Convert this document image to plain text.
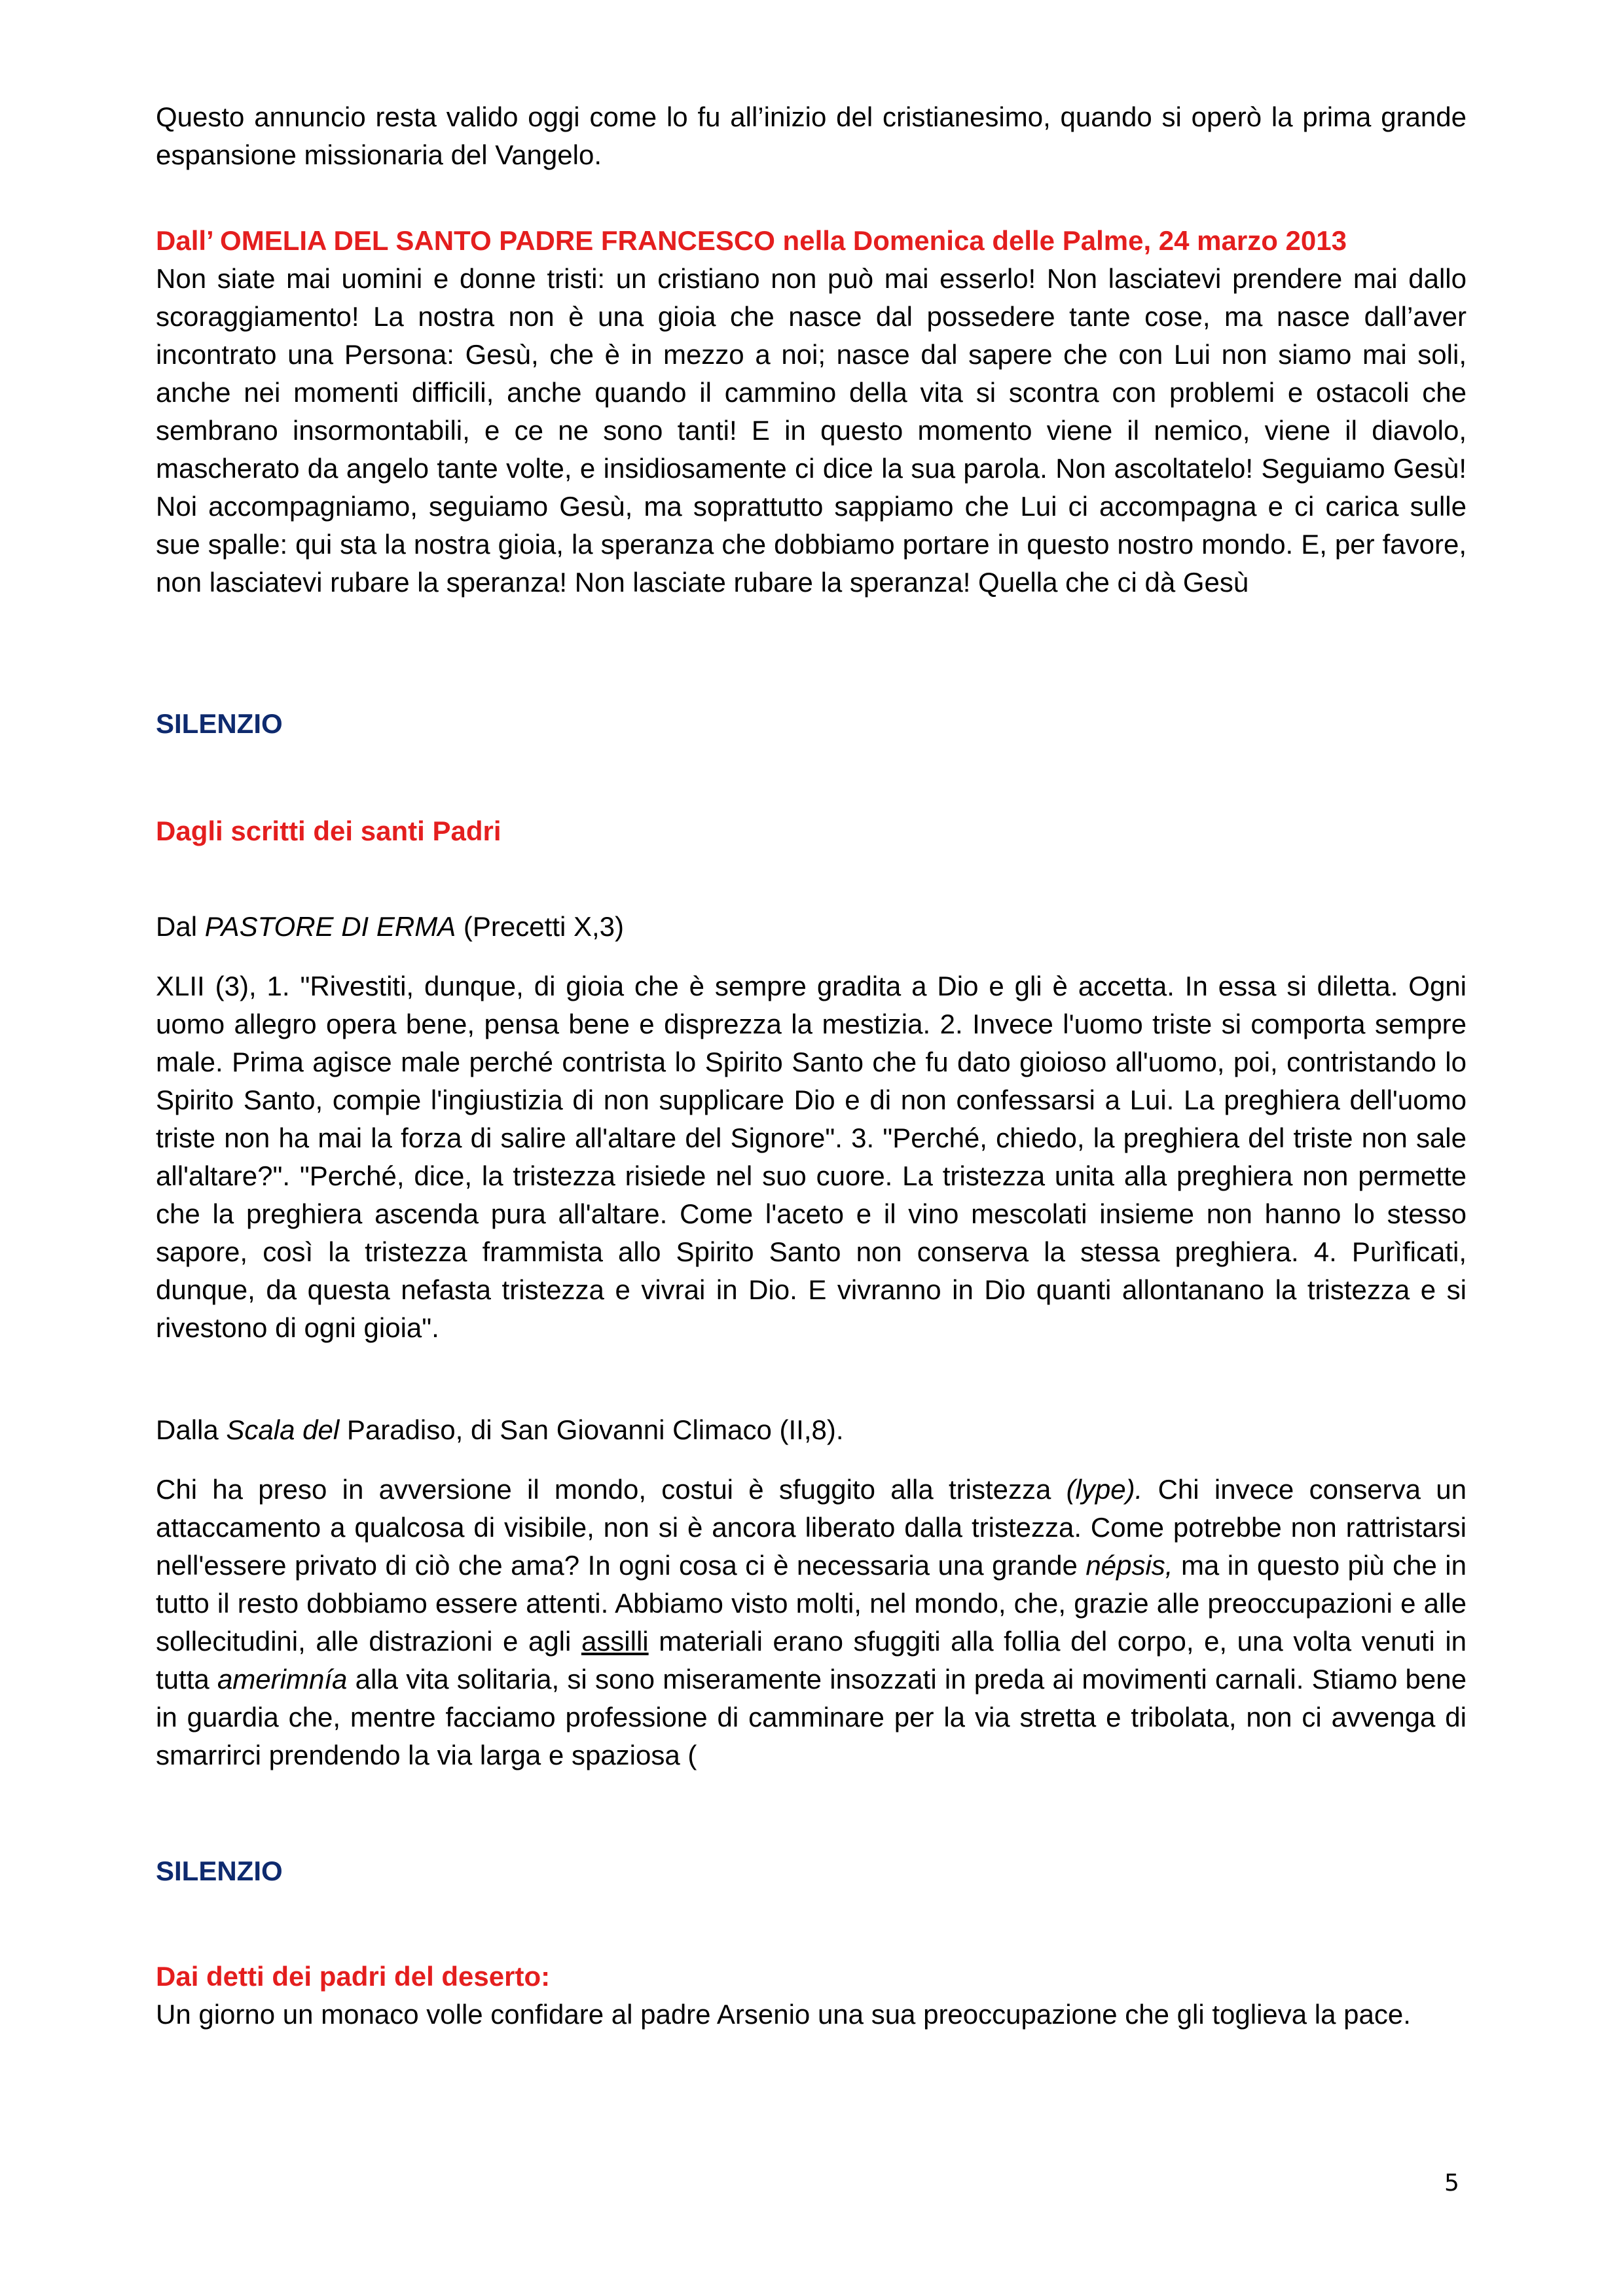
Questo annuncio resta valido oggi come lo fu all’inizio del cristianesimo, quando si operò la prima grande espansione missionaria del Vangelo.

Dall’ OMELIA DEL SANTO PADRE FRANCESCO nella Domenica delle Palme, 24 marzo 2013

Non siate mai uomini e donne tristi: un cristiano non può mai esserlo! Non lasciatevi prendere mai dallo scoraggiamento! La nostra non è una gioia che nasce dal possedere tante cose, ma nasce dall’aver incontrato una Persona: Gesù, che è in mezzo a noi; nasce dal sapere che con Lui non siamo mai soli, anche nei momenti difficili, anche quando il cammino della vita si scontra con problemi e ostacoli che sembrano insormontabili, e ce ne sono tanti! E in questo momento viene il nemico, viene il diavolo, mascherato da angelo tante volte, e insidiosamente ci dice la sua parola. Non ascoltatelo! Seguiamo Gesù! Noi accompagniamo, seguiamo Gesù, ma soprattutto sappiamo che Lui ci accompagna e ci carica sulle sue spalle: qui sta la nostra gioia, la speranza che dobbiamo portare in questo nostro mondo. E, per favore, non lasciatevi rubare la speranza! Non lasciate rubare la speranza! Quella che ci dà Gesù

SILENZIO

Dagli scritti dei santi Padri

Dal PASTORE DI ERMA (Precetti X,3)

XLII (3), 1. "Rivestiti, dunque, di gioia che è sempre gradita a Dio e gli è accetta. In essa si diletta. Ogni uomo allegro opera bene, pensa bene e disprezza la mestizia. 2. Invece l'uomo triste si comporta sempre male. Prima agisce male perché contrista lo Spirito Santo che fu dato gioioso all'uomo, poi, contristando lo Spirito Santo, compie l'ingiustizia di non supplicare Dio e di non confessarsi a Lui. La preghiera dell'uomo triste non ha mai la forza di salire all'altare del Signore". 3. "Perché, chiedo, la preghiera del triste non sale all'altare?". "Perché, dice, la tristezza risiede nel suo cuore. La tristezza unita alla preghiera non permette che la preghiera ascenda pura all'altare. Come l'aceto e il vino mescolati insieme non hanno lo stesso sapore, così la tristezza frammista allo Spirito Santo non conserva la stessa preghiera. 4. Purìficati, dunque, da questa nefasta tristezza e vivrai in Dio. E vivranno in Dio quanti allontanano la tristezza e si rivestono di ogni gioia".

Dalla Scala del Paradiso, di San Giovanni Climaco (II,8).

Chi ha preso in avversione il mondo, costui è sfuggito alla tristezza (lype). Chi invece conserva un attaccamento a qualcosa di visibile, non si è ancora liberato dalla tristezza. Come potrebbe non rattristarsi nell'essere privato di ciò che ama? In ogni cosa ci è necessaria una grande népsis, ma in questo più che in tutto il resto dobbiamo essere attenti. Abbiamo visto molti, nel mondo, che, grazie alle preoccupazioni e alle sollecitudini, alle distrazioni e agli assilli materiali erano sfuggiti alla follia del corpo, e, una volta venuti in tutta amerimnía alla vita solitaria, si sono miseramente insozzati in preda ai movimenti carnali. Stiamo bene in guardia che, mentre facciamo professione di camminare per la via stretta e tribolata, non ci avvenga di smarrirci prendendo la via larga e spaziosa (

SILENZIO

Dai detti dei padri del deserto:

Un giorno un monaco volle confidare al padre Arsenio una sua preoccupazione che gli toglieva la pace.

5
